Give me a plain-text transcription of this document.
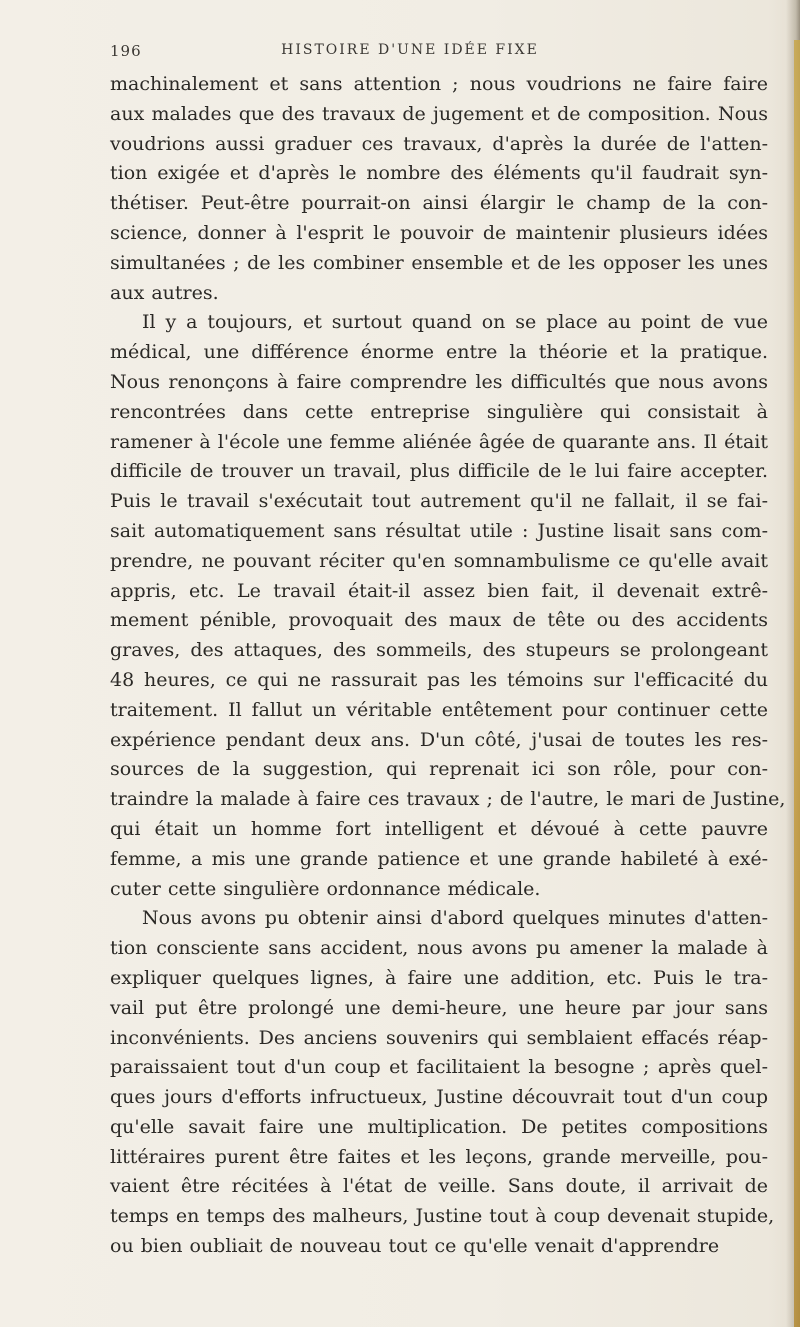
196	HISTOIRE D'UNE IDÉE FIXE
machinalement et sans attention ; nous voudrions ne faire faire
aux malades que des travaux de jugement et de composition. Nous
voudrions aussi graduer ces travaux, d'après la durée de l'atten-
tion exigée et d'après le nombre des éléments qu'il faudrait syn-
thétiser. Peut-être pourrait-on ainsi élargir le champ de la con-
science, donner à l'esprit le pouvoir de maintenir plusieurs idées
simultanées ; de les combiner ensemble et de les opposer les unes
aux autres.
Il y a toujours, et surtout quand on se place au point de vue
médical, une différence énorme entre la théorie et la pratique.
Nous renonçons à faire comprendre les difficultés que nous avons
rencontrées dans cette entreprise singulière qui consistait à
ramener à l'école une femme aliénée âgée de quarante ans. Il était
difficile de trouver un travail, plus difficile de le lui faire accepter.
Puis le travail s'exécutait tout autrement qu'il ne fallait, il se fai-
sait automatiquement sans résultat utile : Justine lisait sans com-
prendre, ne pouvant réciter qu'en somnambulisme ce qu'elle avait
appris, etc. Le travail était-il assez bien fait, il devenait extrê-
mement pénible, provoquait des maux de tête ou des accidents
graves, des attaques, des sommeils, des stupeurs se prolongeant
48 heures, ce qui ne rassurait pas les témoins sur l'efficacité du
traitement. Il fallut un véritable entêtement pour continuer cette
expérience pendant deux ans. D'un côté, j'usai de toutes les res-
sources de la suggestion, qui reprenait ici son rôle, pour con-
traindre la malade à faire ces travaux ; de l'autre, le mari de Justine,
qui était un homme fort intelligent et dévoué à cette pauvre
femme, a mis une grande patience et une grande habileté à exé-
cuter cette singulière ordonnance médicale.
Nous avons pu obtenir ainsi d'abord quelques minutes d'atten-
tion consciente sans accident, nous avons pu amener la malade à
expliquer quelques lignes, à faire une addition, etc. Puis le tra-
vail put être prolongé une demi-heure, une heure par jour sans
inconvénients. Des anciens souvenirs qui semblaient effacés réap-
paraissaient tout d'un coup et facilitaient la besogne ; après quel-
ques jours d'efforts infructueux, Justine découvrait tout d'un coup
qu'elle savait faire une multiplication. De petites compositions
littéraires purent être faites et les leçons, grande merveille, pou-
vaient être récitées à l'état de veille. Sans doute, il arrivait de
temps en temps des malheurs, Justine tout à coup devenait stupide,
ou bien oubliait de nouveau tout ce qu'elle venait d'apprendre
